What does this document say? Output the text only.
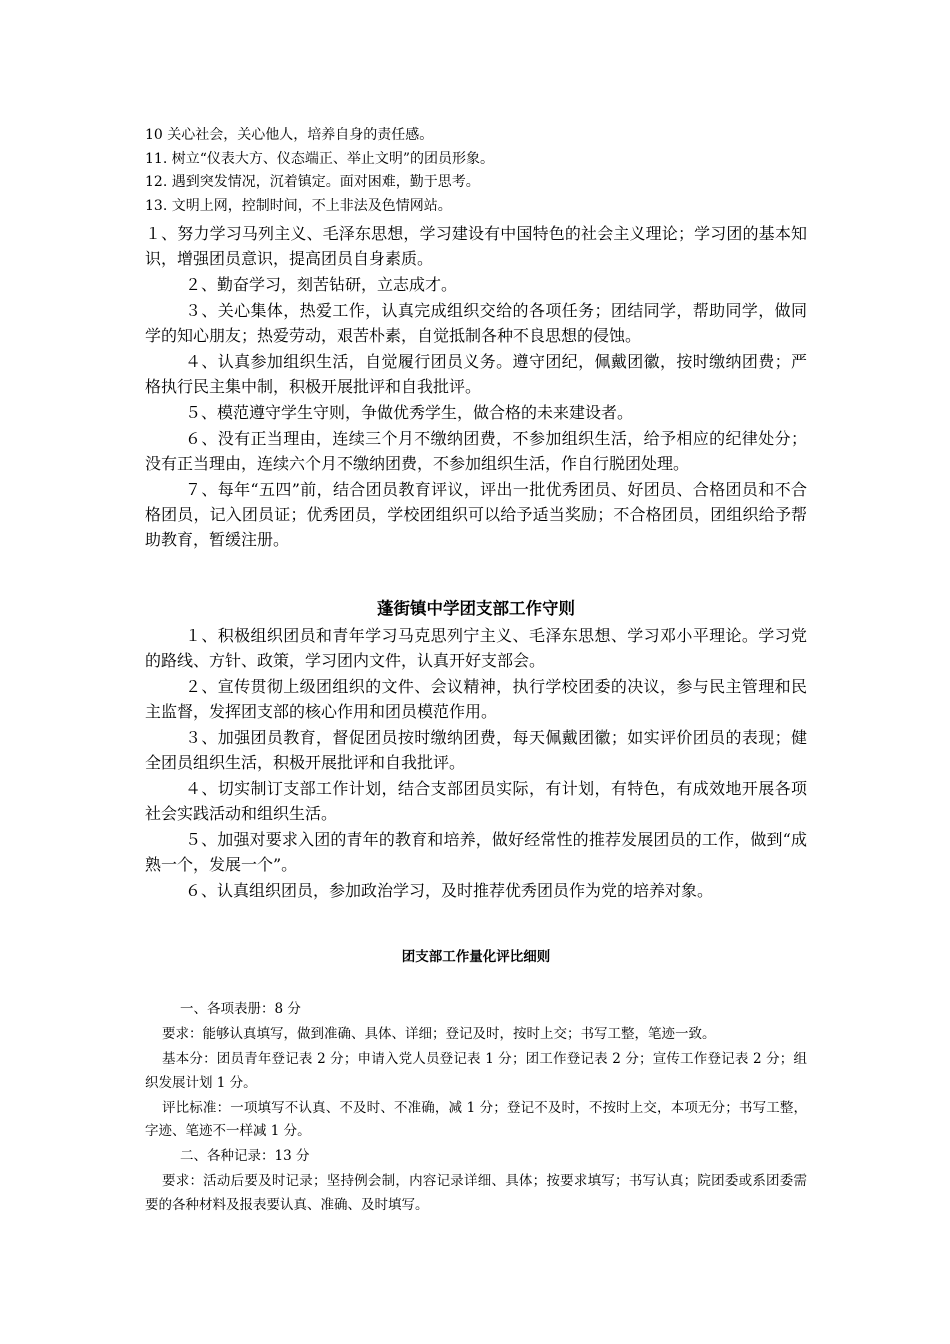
10 关心社会，关心他人，培养自身的责任感。

11. 树立“仪表大方、仪态端正、举止文明”的团员形象。

12. 遇到突发情况，沉着镇定。面对困难，勤于思考。

13. 文明上网，控制时间，不上非法及色情网站。

１、努力学习马列主义、毛泽东思想，学习建设有中国特色的社会主义理论；学习团的基本知识，增强团员意识，提高团员自身素质。

２、勤奋学习，刻苦钻研，立志成才。

３、关心集体，热爱工作，认真完成组织交给的各项任务；团结同学，帮助同学，做同学的知心朋友；热爱劳动，艰苦朴素，自觉抵制各种不良思想的侵蚀。

４、认真参加组织生活，自觉履行团员义务。遵守团纪，佩戴团徽，按时缴纳团费；严格执行民主集中制，积极开展批评和自我批评。

５、模范遵守学生守则，争做优秀学生，做合格的未来建设者。

６、没有正当理由，连续三个月不缴纳团费，不参加组织生活，给予相应的纪律处分；没有正当理由，连续六个月不缴纳团费，不参加组织生活，作自行脱团处理。

７、每年“五四”前，结合团员教育评议，评出一批优秀团员、好团员、合格团员和不合格团员，记入团员证；优秀团员，学校团组织可以给予适当奖励；不合格团员，团组织给予帮助教育，暂缓注册。

蓬街镇中学团支部工作守则

１、积极组织团员和青年学习马克思列宁主义、毛泽东思想、学习邓小平理论。学习党的路线、方针、政策，学习团内文件，认真开好支部会。

２、宣传贯彻上级团组织的文件、会议精神，执行学校团委的决议，参与民主管理和民主监督，发挥团支部的核心作用和团员模范作用。

３、加强团员教育，督促团员按时缴纳团费，每天佩戴团徽；如实评价团员的表现；健全团员组织生活，积极开展批评和自我批评。

４、切实制订支部工作计划，结合支部团员实际，有计划，有特色，有成效地开展各项社会实践活动和组织生活。

５、加强对要求入团的青年的教育和培养，做好经常性的推荐发展团员的工作，做到“成熟一个，发展一个”。

６、认真组织团员，参加政治学习，及时推荐优秀团员作为党的培养对象。

团支部工作量化评比细则

一、各项表册：8 分

要求：能够认真填写，做到准确、具体、详细；登记及时，按时上交；书写工整，笔迹一致。

基本分：团员青年登记表 2 分；申请入党人员登记表 1 分；团工作登记表 2 分；宣传工作登记表 2 分；组织发展计划 1 分。

评比标准：一项填写不认真、不及时、不准确，减 1 分；登记不及时，不按时上交，本项无分；书写工整，字迹、笔迹不一样减 1 分。

二、各种记录：13 分

要求：活动后要及时记录；坚持例会制，内容记录详细、具体；按要求填写；书写认真；院团委或系团委需要的各种材料及报表要认真、准确、及时填写。
